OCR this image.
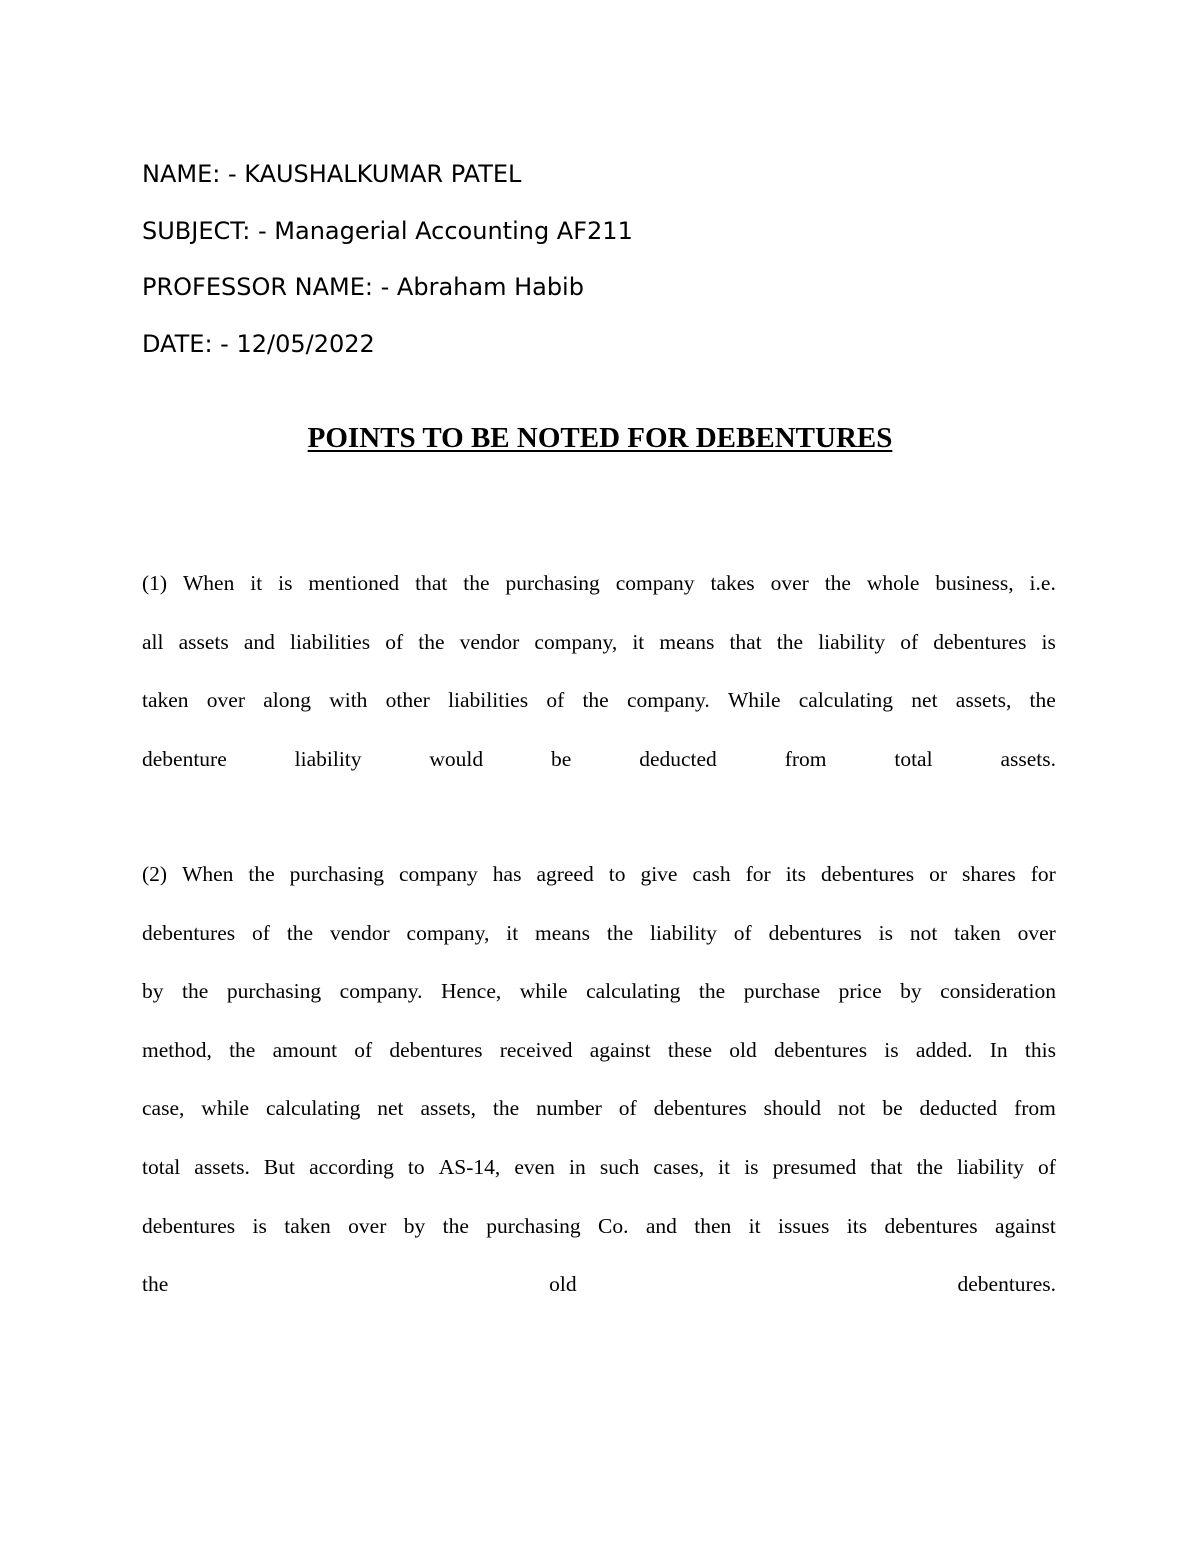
NAME: - KAUSHALKUMAR PATEL
SUBJECT: - Managerial Accounting AF211
PROFESSOR NAME: - Abraham Habib
DATE: - 12/05/2022
POINTS TO BE NOTED FOR DEBENTURES
(1) When it is mentioned that the purchasing company takes over the whole business, i.e.
all assets and liabilities of the vendor company, it means that the liability of debentures is
taken over along with other liabilities of the company. While calculating net assets, the
debenture	liability	would	be	deducted	from	total	assets.
(2) When the purchasing company has agreed to give cash for its debentures or shares for
debentures of the vendor company, it means the liability of debentures is not taken over
by the purchasing company. Hence, while calculating the purchase price by consideration
method, the amount of debentures received against these old debentures is added. In this
case, while calculating net assets, the number of debentures should not be deducted from
total assets. But according to AS-14, even in such cases, it is presumed that the liability of
debentures is taken over by the purchasing Co. and then it issues its debentures against
the	old	debentures.
